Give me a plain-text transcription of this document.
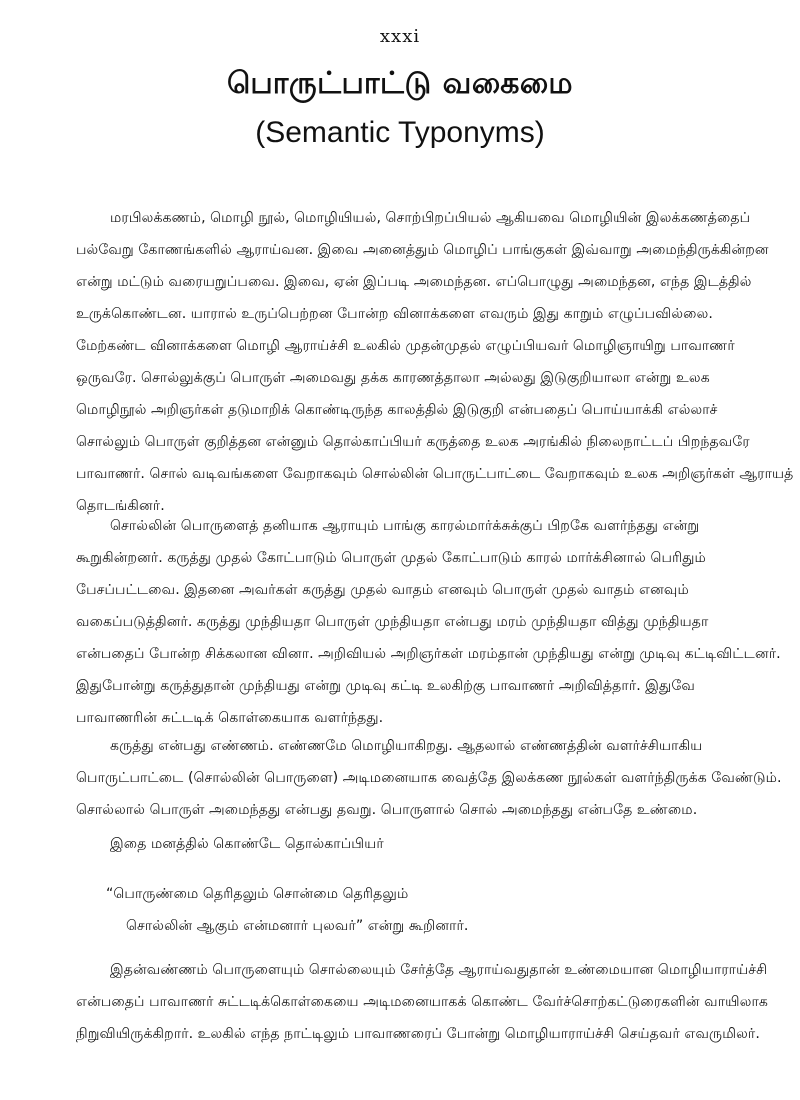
xxxi
பொருட்பாட்டு வகைமை
(Semantic Typonyms)

மரபிலக்கணம், மொழி நூல், மொழியியல், சொற்பிறப்பியல் ஆகியவை மொழியின் இலக்கணத்தைப்
பல்வேறு கோணங்களில் ஆராய்வன. இவை அனைத்தும் மொழிப் பாங்குகள் இவ்வாறு அமைந்திருக்கின்றன
என்று மட்டும் வரையறுப்பவை. இவை, ஏன் இப்படி அமைந்தன. எப்பொழுது அமைந்தன, எந்த இடத்தில்
உருக்கொண்டன. யாரால் உருப்பெற்றன போன்ற வினாக்களை எவரும் இது காறும் எழுப்பவில்லை.
மேற்கண்ட வினாக்களை மொழி ஆராய்ச்சி உலகில் முதன்முதல் எழுப்பியவர் மொழிஞாயிறு பாவாணர்
ஒருவரே. சொல்லுக்குப் பொருள் அமைவது தக்க காரணத்தாலா அல்லது இடுகுறியாலா என்று உலக
மொழிநூல் அறிஞர்கள் தடுமாறிக் கொண்டிருந்த காலத்தில் இடுகுறி என்பதைப் பொய்யாக்கி எல்லாச்
சொல்லும் பொருள் குறித்தன என்னும் தொல்காப்பியர் கருத்தை உலக அரங்கில் நிலைநாட்டப் பிறந்தவரே
பாவாணர். சொல் வடிவங்களை வேறாகவும் சொல்லின் பொருட்பாட்டை வேறாகவும் உலக அறிஞர்கள் ஆராயத்
தொடங்கினர்.

சொல்லின் பொருளைத் தனியாக ஆராயும் பாங்கு காரல்மார்க்சுக்குப் பிறகே வளர்ந்தது என்று
கூறுகின்றனர். கருத்து முதல் கோட்பாடும் பொருள் முதல் கோட்பாடும் காரல் மார்க்சினால் பெரிதும்
பேசப்பட்டவை. இதனை அவர்கள் கருத்து முதல் வாதம் எனவும் பொருள் முதல் வாதம் எனவும்
வகைப்படுத்தினர். கருத்து முந்தியதா பொருள் முந்தியதா என்பது மரம் முந்தியதா வித்து முந்தியதா
என்பதைப் போன்ற சிக்கலான வினா. அறிவியல் அறிஞர்கள் மரம்தான் முந்தியது என்று முடிவு கட்டிவிட்டனர்.
இதுபோன்று கருத்துதான் முந்தியது என்று முடிவு கட்டி உலகிற்கு பாவாணர் அறிவித்தார். இதுவே
பாவாணரின் சுட்டடிக் கொள்கையாக வளர்ந்தது.

கருத்து என்பது எண்ணம். எண்ணமே மொழியாகிறது. ஆதலால் எண்ணத்தின் வளர்ச்சியாகிய
பொருட்பாட்டை (சொல்லின் பொருளை) அடிமனையாக வைத்தே இலக்கண நூல்கள் வளர்ந்திருக்க வேண்டும்.
சொல்லால் பொருள் அமைந்தது என்பது தவறு. பொருளால் சொல் அமைந்தது என்பதே உண்மை.

இதை மனத்தில் கொண்டே தொல்காப்பியர்

“பொருண்மை தெரிதலும் சொன்மை தெரிதலும்
சொல்லின் ஆகும் என்மனார் புலவர்” என்று கூறினார்.

இதன்வண்ணம் பொருளையும் சொல்லையும் சேர்த்தே ஆராய்வதுதான் உண்மையான மொழியாராய்ச்சி
என்பதைப் பாவாணர் சுட்டடிக்கொள்கையை அடிமனையாகக் கொண்ட வேர்ச்சொற்கட்டுரைகளின் வாயிலாக
நிறுவியிருக்கிறார். உலகில் எந்த நாட்டிலும் பாவாணரைப் போன்று மொழியாராய்ச்சி செய்தவர் எவருமிலர்.
